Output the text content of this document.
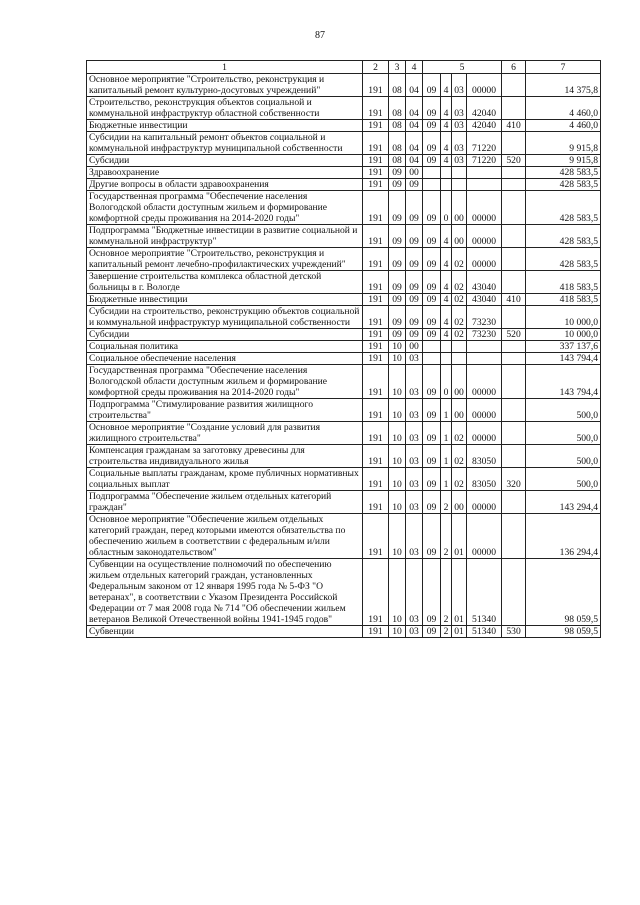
87
1	2	3	4	5				6	7
Основное мероприятие "Строительство, реконструкция и капитальный ремонт культурно-досуговых учреждений"	191	08	04	09	4	03	00000		14 375,8
Строительство, реконструкция объектов социальной и коммунальной инфраструктур областной собственности	191	08	04	09	4	03	42040		4 460,0
Бюджетные инвестиции	191	08	04	09	4	03	42040	410	4 460,0
Субсидии на капитальный ремонт объектов социальной и коммунальной инфраструктур муниципальной собственности	191	08	04	09	4	03	71220		9 915,8
Субсидии	191	08	04	09	4	03	71220	520	9 915,8
Здравоохранение	191	09	00						428 583,5
Другие вопросы в области здравоохранения	191	09	09						428 583,5
Государственная программа "Обеспечение населения Вологодской области доступным жильем и формирование комфортной среды проживания на 2014-2020 годы"	191	09	09	09	0	00	00000		428 583,5
Подпрограмма "Бюджетные инвестиции в развитие социальной и коммунальной инфраструктур"	191	09	09	09	4	00	00000		428 583,5
Основное мероприятие "Строительство, реконструкция и капитальный ремонт лечебно-профилактических учреждений"	191	09	09	09	4	02	00000		428 583,5
Завершение строительства комплекса областной детской больницы в г. Вологде	191	09	09	09	4	02	43040		418 583,5
Бюджетные инвестиции	191	09	09	09	4	02	43040	410	418 583,5
Субсидии на строительство, реконструкцию объектов социальной и коммунальной инфраструктур муниципальной собственности	191	09	09	09	4	02	73230		10 000,0
Субсидии	191	09	09	09	4	02	73230	520	10 000,0
Социальная политика	191	10	00						337 137,6
Социальное обеспечение населения	191	10	03						143 794,4
Государственная программа "Обеспечение населения Вологодской области доступным жильем и формирование комфортной среды проживания на 2014-2020 годы"	191	10	03	09	0	00	00000		143 794,4
Подпрограмма "Стимулирование развития жилищного строительства"	191	10	03	09	1	00	00000		500,0
Основное мероприятие "Создание условий для развития жилищного строительства"	191	10	03	09	1	02	00000		500,0
Компенсация гражданам за заготовку древесины для строительства индивидуального жилья	191	10	03	09	1	02	83050		500,0
Социальные выплаты гражданам, кроме публичных нормативных социальных выплат	191	10	03	09	1	02	83050	320	500,0
Подпрограмма "Обеспечение жильем отдельных категорий граждан"	191	10	03	09	2	00	00000		143 294,4
Основное мероприятие "Обеспечение жильем отдельных категорий граждан, перед которыми имеются обязательства по обеспечению жильем в соответствии с федеральным и/или областным законодательством"	191	10	03	09	2	01	00000		136 294,4
Субвенции на осуществление полномочий по обеспечению жильем отдельных категорий граждан, установленных Федеральным законом от 12 января 1995 года № 5-ФЗ "О ветеранах", в соответствии с Указом Президента Российской Федерации от 7 мая 2008 года № 714 "Об обеспечении жильем ветеранов Великой Отечественной войны 1941-1945 годов"	191	10	03	09	2	01	51340		98 059,5
Субвенции	191	10	03	09	2	01	51340	530	98 059,5
